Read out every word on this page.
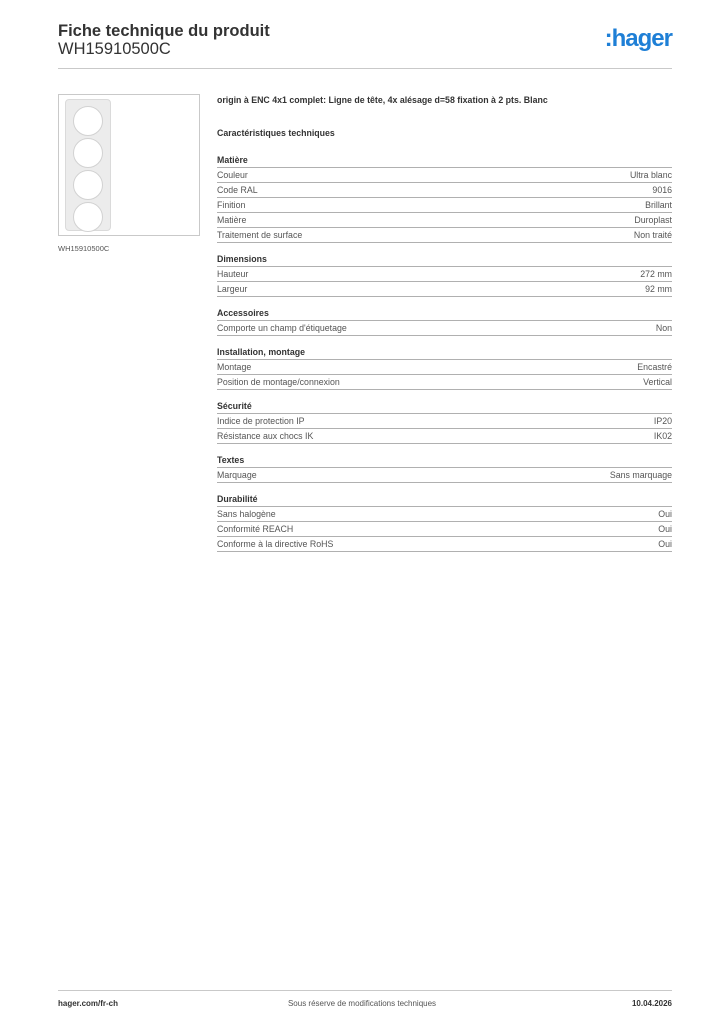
Fiche technique du produit
WH15910500C	:hager
WH15910500C
origin à ENC 4x1 complet: Ligne de tête, 4x alésage d=58 fixation à 2 pts. Blanc
Caractéristiques techniques
Matière
Couleur	Ultra blanc
Code RAL	9016
Finition	Brillant
Matière	Duroplast
Traitement de surface	Non traité
Dimensions
Hauteur	272 mm
Largeur	92 mm
Accessoires
Comporte un champ d'étiquetage	Non
Installation, montage
Montage	Encastré
Position de montage/connexion	Vertical
Sécurité
Indice de protection IP	IP20
Résistance aux chocs IK	IK02
Textes
Marquage	Sans marquage
Durabilité
Sans halogène	Oui
Conformité REACH	Oui
Conforme à la directive RoHS	Oui
hager.com/fr-ch	Sous réserve de modifications techniques	10.04.2026
